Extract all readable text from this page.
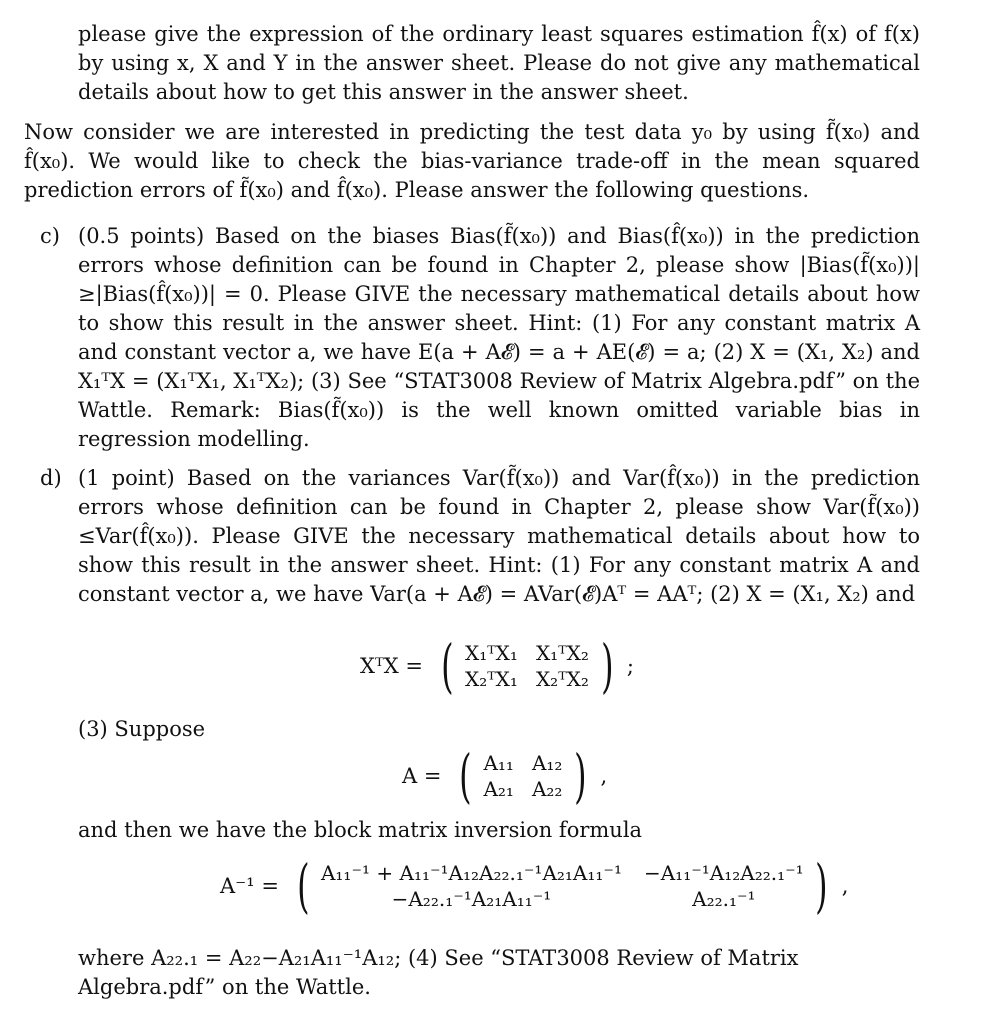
please give the expression of the ordinary least squares estimation f̂(x) of f(x) by using x, X and Y in the answer sheet. Please do not give any mathematical details about how to get this answer in the answer sheet.

Now consider we are interested in predicting the test data y₀ by using f̃(x₀) and f̂(x₀). We would like to check the bias-variance trade-off in the mean squared prediction errors of f̃(x₀) and f̂(x₀). Please answer the following questions.

c) (0.5 points) Based on the biases Bias(f̃(x₀)) and Bias(f̂(x₀)) in the prediction errors whose definition can be found in Chapter 2, please show |Bias(f̃(x₀))| ≥|Bias(f̂(x₀))| = 0. Please GIVE the necessary mathematical details about how to show this result in the answer sheet. Hint: (1) For any constant matrix A and constant vector a, we have E(a + A𝓔) = a + AE(𝓔) = a; (2) X = (X₁, X₂) and X₁ᵀX = (X₁ᵀX₁, X₁ᵀX₂); (3) See “STAT3008 Review of Matrix Algebra.pdf” on the Wattle. Remark: Bias(f̃(x₀)) is the well known omitted variable bias in regression modelling.
d) (1 point) Based on the variances Var(f̃(x₀)) and Var(f̂(x₀)) in the prediction errors whose definition can be found in Chapter 2, please show Var(f̃(x₀)) ≤Var(f̂(x₀)). Please GIVE the necessary mathematical details about how to show this result in the answer sheet. Hint: (1) For any constant matrix A and constant vector a, we have Var(a + A𝓔) = AVar(𝓔)Aᵀ = AAᵀ; (2) X = (X₁, X₂) and
XᵀX = ( X₁ᵀX₁ X₁ᵀX₂
X₂ᵀX₁ X₂ᵀX₂ ) ;
(3) Suppose
A = ( A₁₁ A₁₂
A₂₁ A₂₂ ) ,
and then we have the block matrix inversion formula
A⁻¹ = ( A₁₁⁻¹ + A₁₁⁻¹A₁₂A₂₂.₁⁻¹A₂₁A₁₁⁻¹ −A₁₁⁻¹A₁₂A₂₂.₁⁻¹
−A₂₂.₁⁻¹A₂₁A₁₁⁻¹	A₂₂.₁⁻¹	) ,

where A₂₂.₁ = A₂₂−A₂₁A₁₁⁻¹A₁₂; (4) See “STAT3008 Review of Matrix Algebra.pdf” on the Wattle.
